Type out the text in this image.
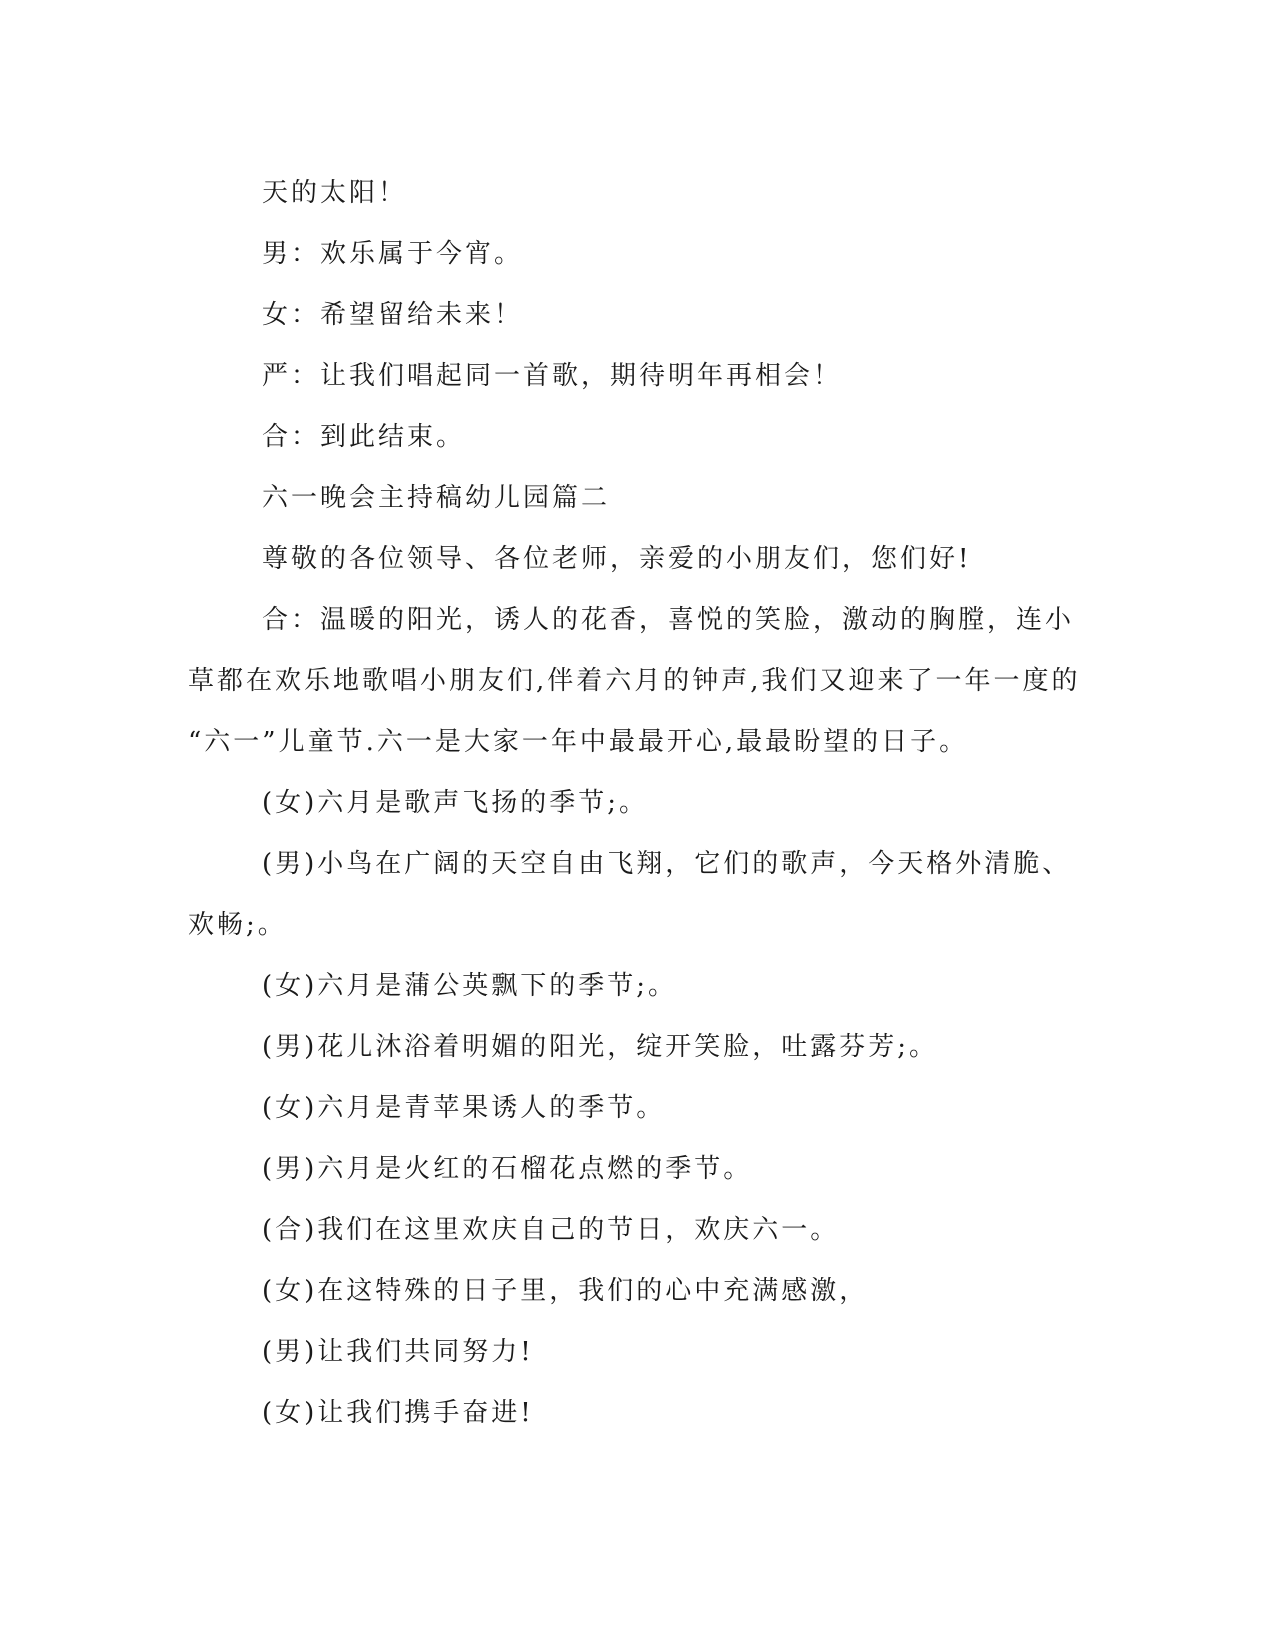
天的太阳！

男：欢乐属于今宵。

女：希望留给未来！

严：让我们唱起同一首歌，期待明年再相会！

合：到此结束。

六一晚会主持稿幼儿园篇二

尊敬的各位领导、各位老师，亲爱的小朋友们，您们好!

合：温暖的阳光，诱人的花香，喜悦的笑脸，激动的胸膛，连小

草都在欢乐地歌唱小朋友们,伴着六月的钟声,我们又迎来了一年一度的

“六一”儿童节.六一是大家一年中最最开心,最最盼望的日子。

(女)六月是歌声飞扬的季节;。

(男)小鸟在广阔的天空自由飞翔，它们的歌声，今天格外清脆、

欢畅;。

(女)六月是蒲公英飘下的季节;。

(男)花儿沐浴着明媚的阳光，绽开笑脸，吐露芬芳;。

(女)六月是青苹果诱人的季节。

(男)六月是火红的石榴花点燃的季节。

(合)我们在这里欢庆自己的节日，欢庆六一。

(女)在这特殊的日子里，我们的心中充满感激，

(男)让我们共同努力!

(女)让我们携手奋进!
